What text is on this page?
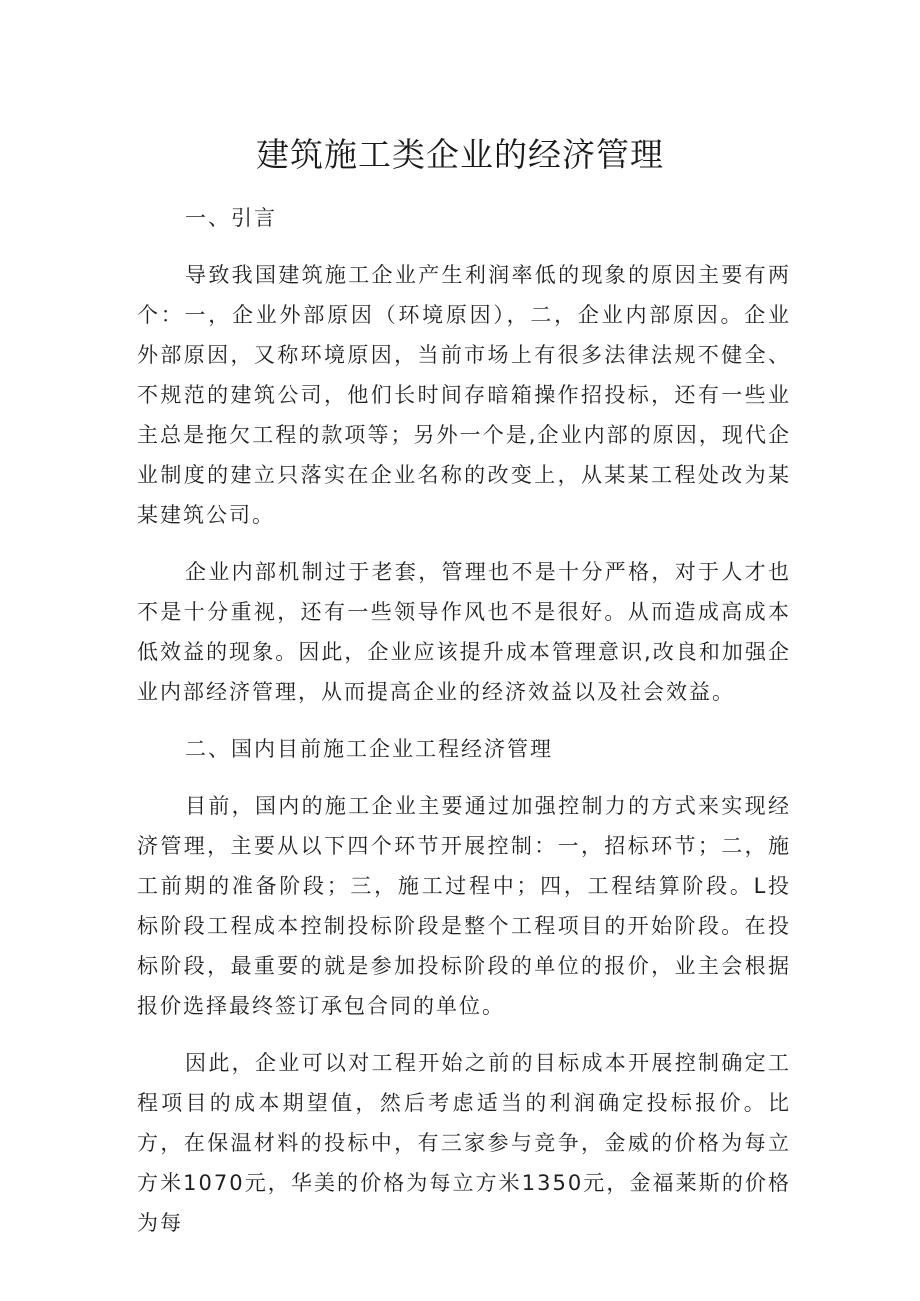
建筑施工类企业的经济管理

一、引言

导致我国建筑施工企业产生利润率低的现象的原因主要有两个：一，企业外部原因（环境原因），二，企业内部原因。企业外部原因，又称环境原因，当前市场上有很多法律法规不健全、不规范的建筑公司，他们长时间存暗箱操作招投标，还有一些业主总是拖欠工程的款项等；另外一个是,企业内部的原因，现代企业制度的建立只落实在企业名称的改变上，从某某工程处改为某某建筑公司。

企业内部机制过于老套，管理也不是十分严格，对于人才也不是十分重视，还有一些领导作风也不是很好。从而造成高成本低效益的现象。因此，企业应该提升成本管理意识,改良和加强企业内部经济管理，从而提高企业的经济效益以及社会效益。

二、国内目前施工企业工程经济管理

目前，国内的施工企业主要通过加强控制力的方式来实现经济管理，主要从以下四个环节开展控制：一，招标环节；二，施工前期的准备阶段；三，施工过程中；四，工程结算阶段。L投标阶段工程成本控制投标阶段是整个工程项目的开始阶段。在投标阶段，最重要的就是参加投标阶段的单位的报价，业主会根据报价选择最终签订承包合同的单位。

因此，企业可以对工程开始之前的目标成本开展控制确定工程项目的成本期望值，然后考虑适当的利润确定投标报价。比方，在保温材料的投标中，有三家参与竞争，金威的价格为每立方米1070元，华美的价格为每立方米1350元，金福莱斯的价格为每
